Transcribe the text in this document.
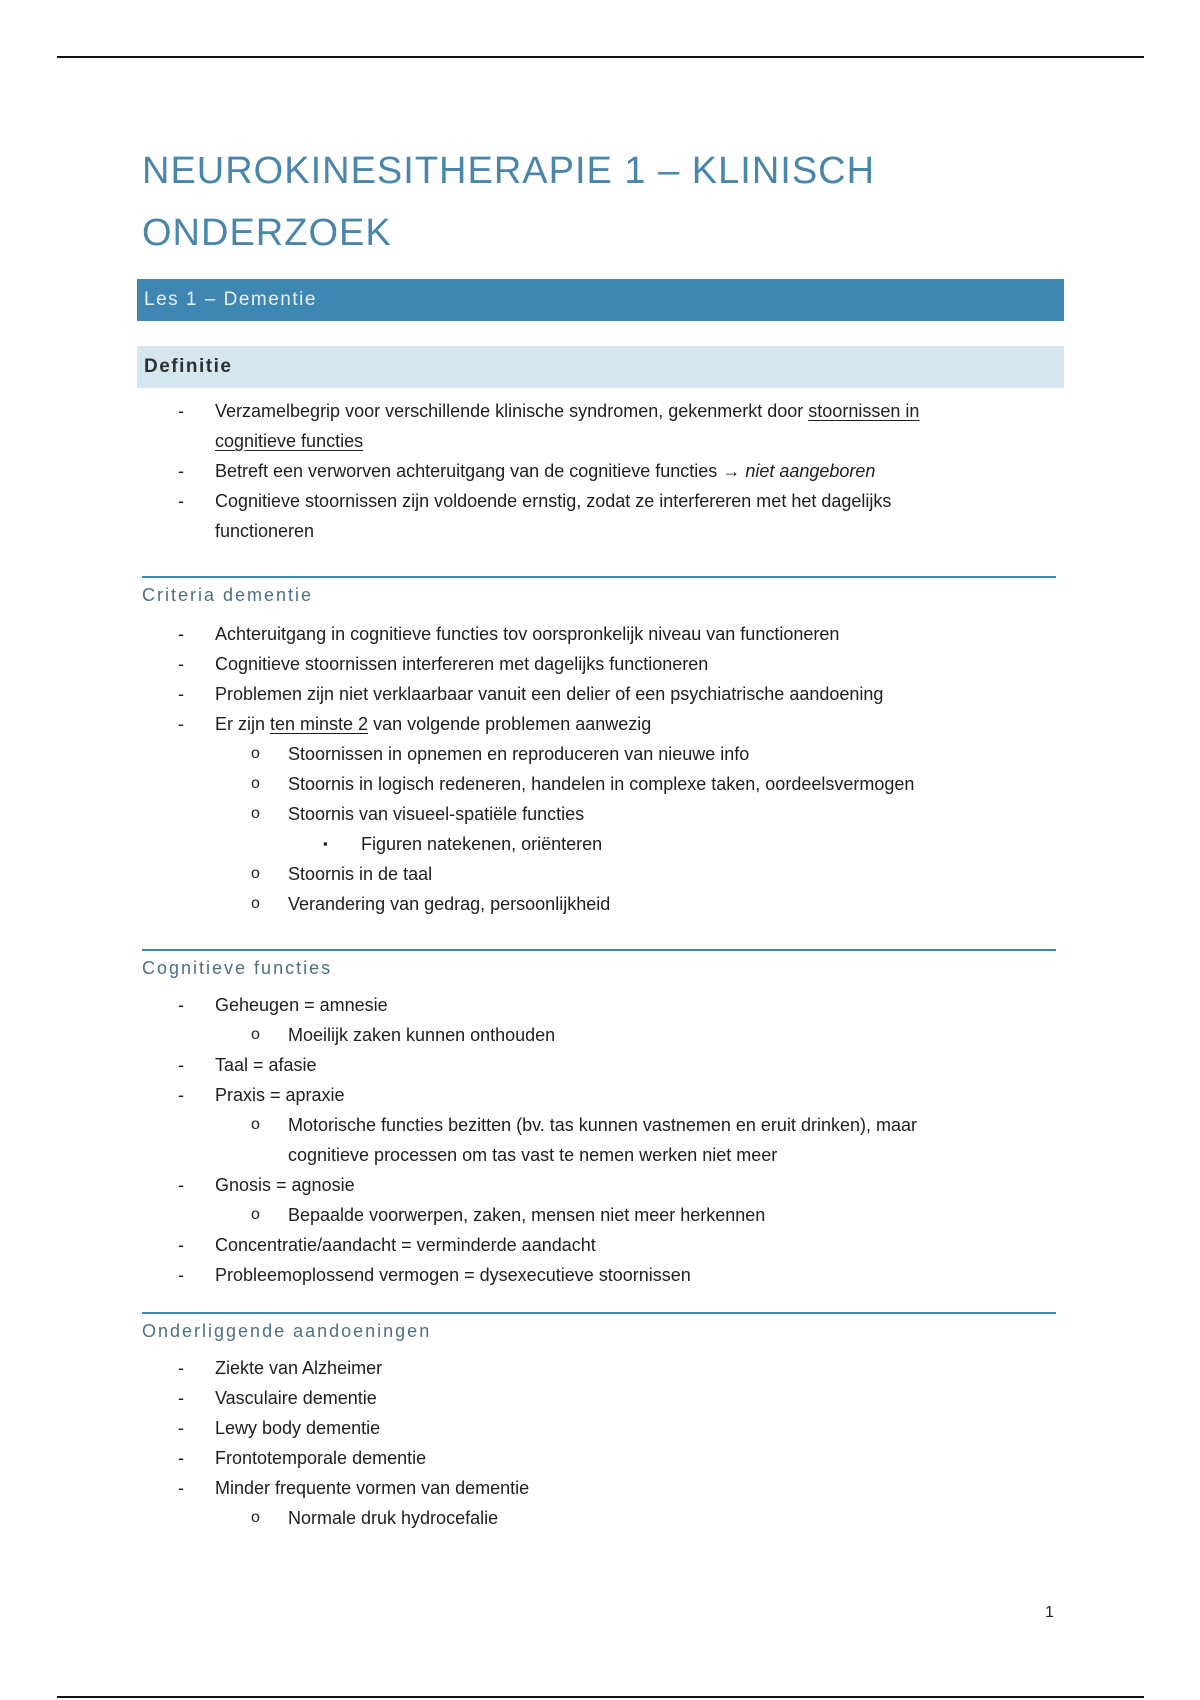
NEUROKINESITHERAPIE 1 – KLINISCH
ONDERZOEK
Les 1 – Dementie
Definitie
- Verzamelbegrip voor verschillende klinische syndromen, gekenmerkt door stoornissen in cognitieve functies
- Betreft een verworven achteruitgang van de cognitieve functies → niet aangeboren
- Cognitieve stoornissen zijn voldoende ernstig, zodat ze interfereren met het dagelijks functioneren
Criteria dementie
- Achteruitgang in cognitieve functies tov oorspronkelijk niveau van functioneren
- Cognitieve stoornissen interfereren met dagelijks functioneren
- Problemen zijn niet verklaarbaar vanuit een delier of een psychiatrische aandoening
- Er zijn ten minste 2 van volgende problemen aanwezig
o Stoornissen in opnemen en reproduceren van nieuwe info
o Stoornis in logisch redeneren, handelen in complexe taken, oordeelsvermogen
o Stoornis van visueel-spatiële functies
▪ Figuren natekenen, oriënteren
o Stoornis in de taal
o Verandering van gedrag, persoonlijkheid
Cognitieve functies
- Geheugen = amnesie
o Moeilijk zaken kunnen onthouden
- Taal = afasie
- Praxis = apraxie
o Motorische functies bezitten (bv. tas kunnen vastnemen en eruit drinken), maar cognitieve processen om tas vast te nemen werken niet meer
- Gnosis = agnosie
o Bepaalde voorwerpen, zaken, mensen niet meer herkennen
- Concentratie/aandacht = verminderde aandacht
- Probleemoplossend vermogen = dysexecutieve stoornissen
Onderliggende aandoeningen
- Ziekte van Alzheimer
- Vasculaire dementie
- Lewy body dementie
- Frontotemporale dementie
- Minder frequente vormen van dementie
o Normale druk hydrocefalie
1
